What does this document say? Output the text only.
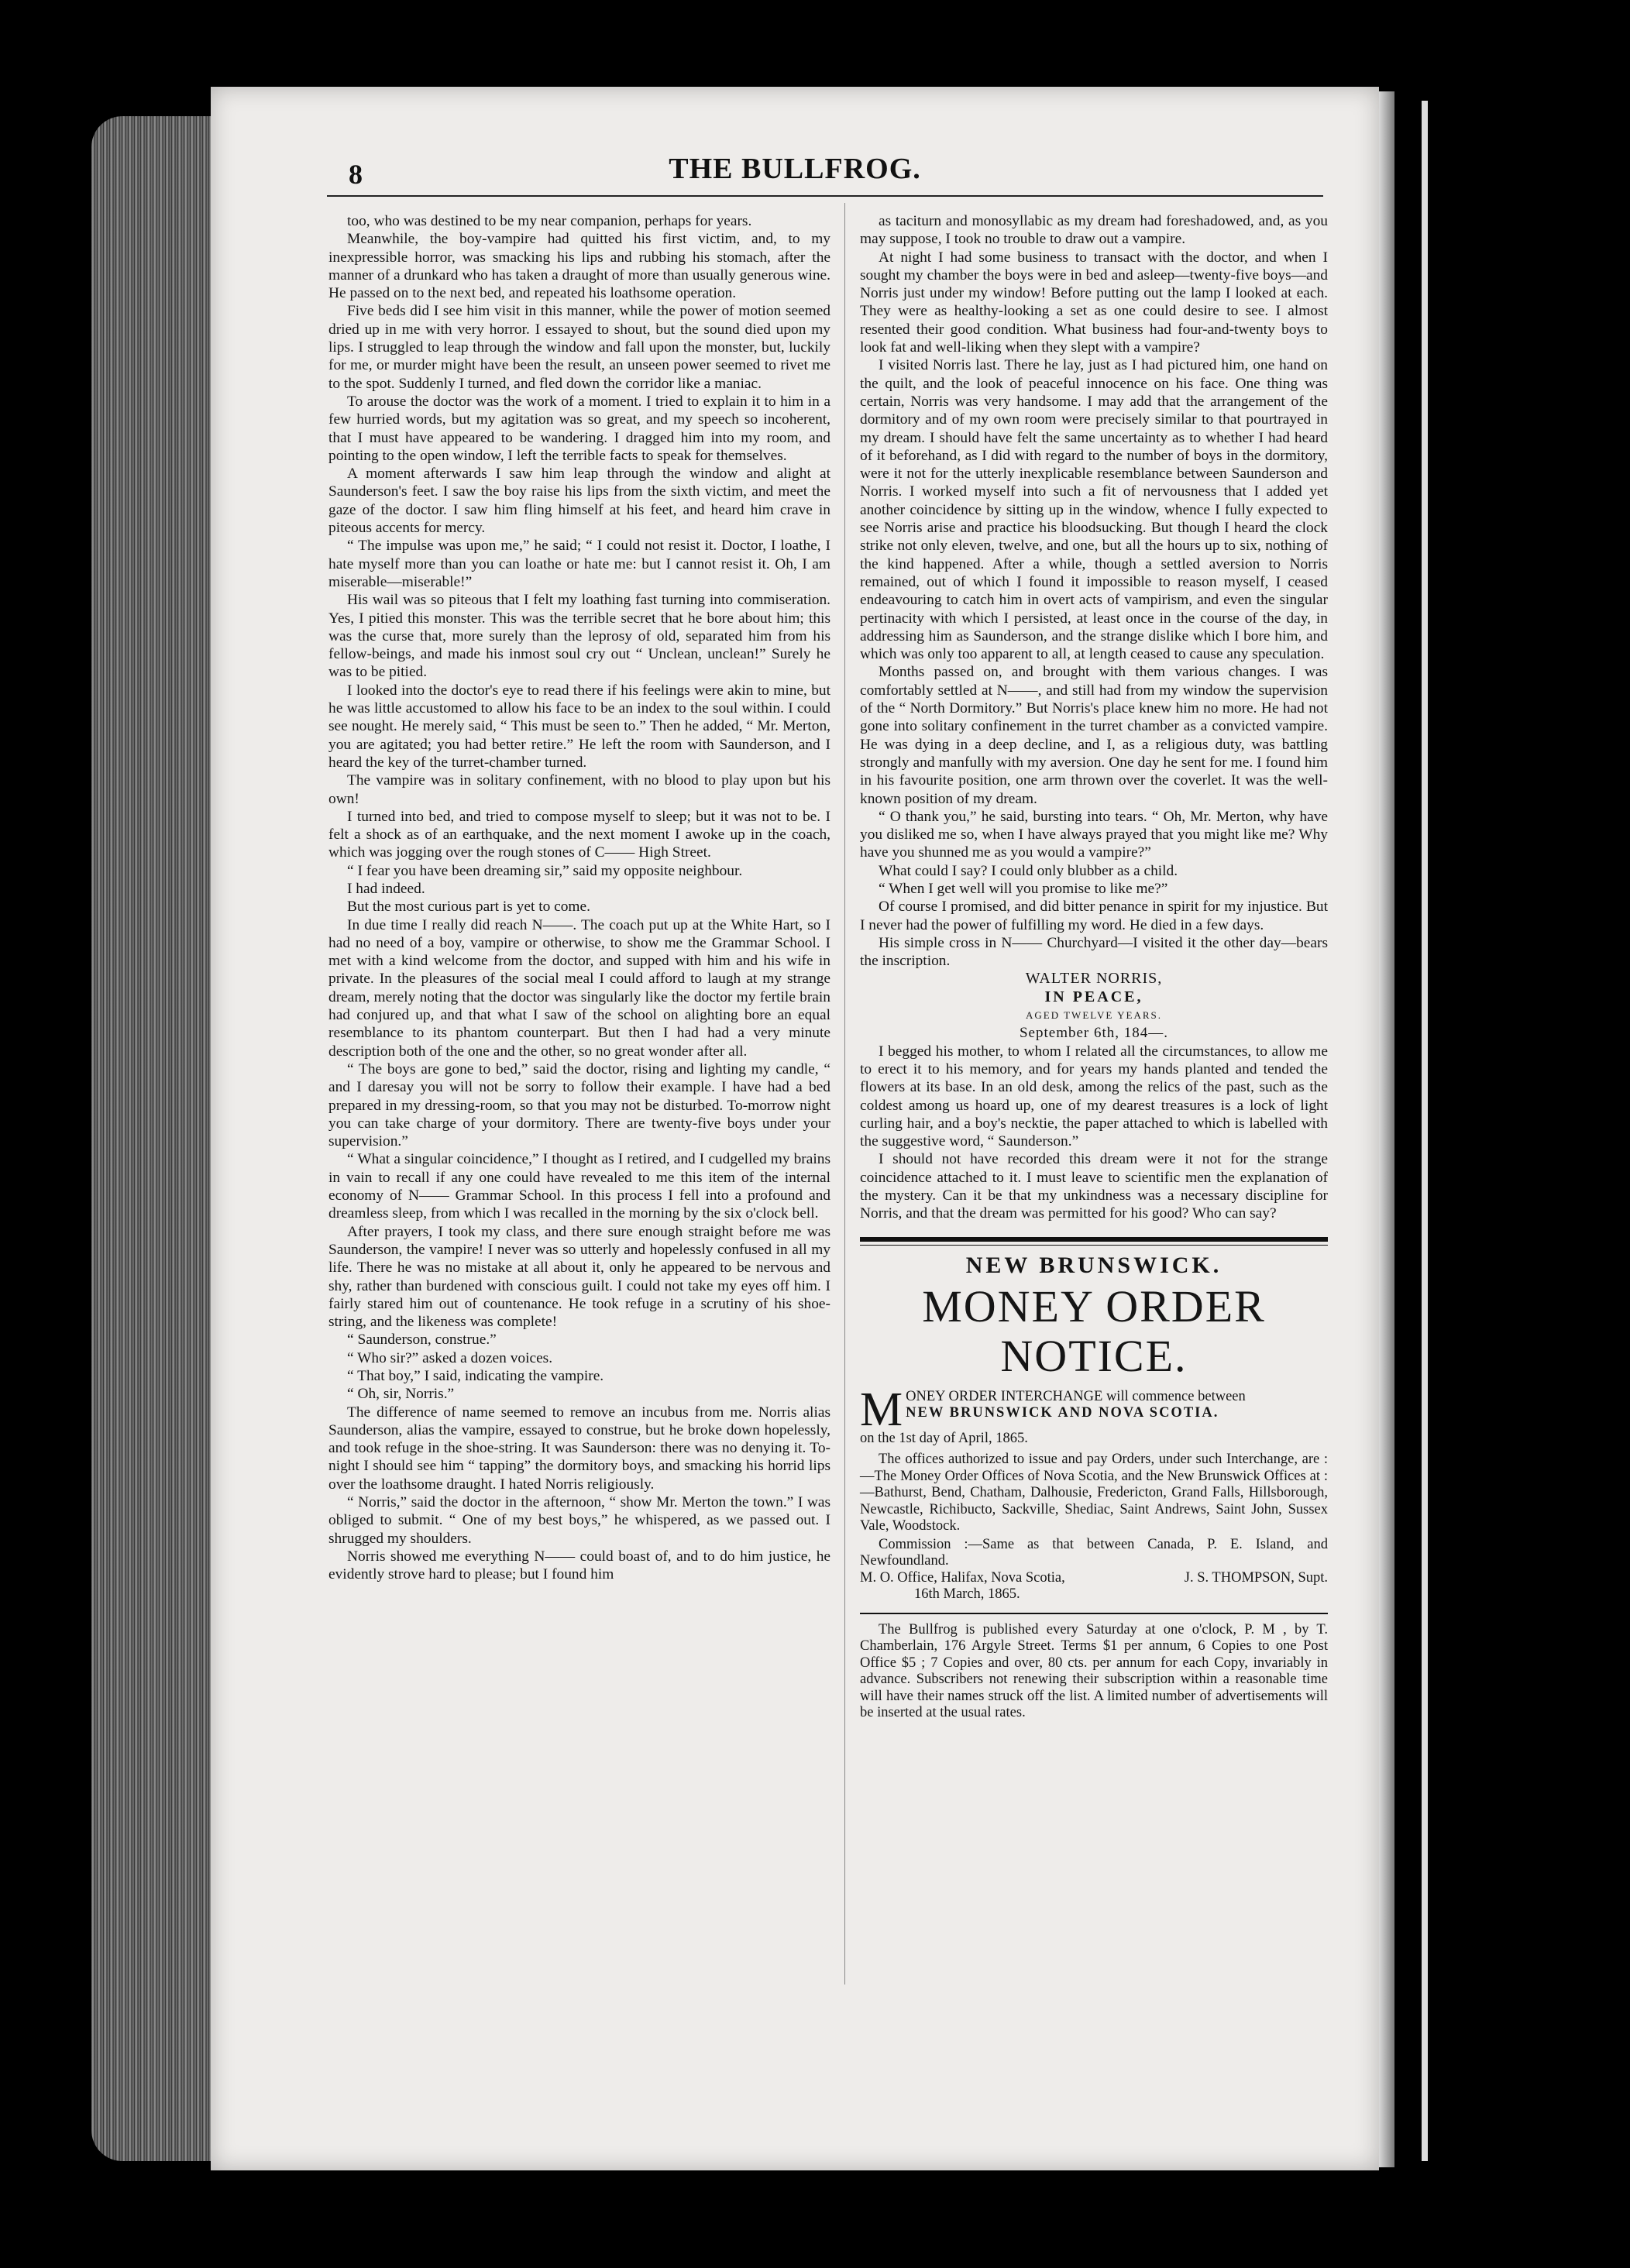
8	THE BULLFROG.

too, who was destined to be my near companion, perhaps for years.

Meanwhile, the boy-vampire had quitted his first victim, and, to my inexpressible horror, was smacking his lips and rubbing his stomach, after the manner of a drunkard who has taken a draught of more than usually generous wine. He passed on to the next bed, and repeated his loathsome operation.

Five beds did I see him visit in this manner, while the power of motion seemed dried up in me with very horror. I essayed to shout, but the sound died upon my lips. I struggled to leap through the window and fall upon the monster, but, luckily for me, or murder might have been the result, an unseen power seemed to rivet me to the spot. Suddenly I turned, and fled down the corridor like a maniac.

To arouse the doctor was the work of a moment. I tried to explain it to him in a few hurried words, but my agitation was so great, and my speech so incoherent, that I must have appeared to be wandering. I dragged him into my room, and pointing to the open window, I left the terrible facts to speak for themselves.

A moment afterwards I saw him leap through the window and alight at Saunderson's feet. I saw the boy raise his lips from the sixth victim, and meet the gaze of the doctor. I saw him fling himself at his feet, and heard him crave in piteous accents for mercy.

“ The impulse was upon me,” he said; “ I could not resist it. Doctor, I loathe, I hate myself more than you can loathe or hate me: but I cannot resist it. Oh, I am miserable—miserable!”

His wail was so piteous that I felt my loathing fast turning into commiseration. Yes, I pitied this monster. This was the terrible secret that he bore about him; this was the curse that, more surely than the leprosy of old, separated him from his fellow-beings, and made his inmost soul cry out “ Unclean, unclean!” Surely he was to be pitied.

I looked into the doctor's eye to read there if his feelings were akin to mine, but he was little accustomed to allow his face to be an index to the soul within. I could see nought. He merely said, “ This must be seen to.” Then he added, “ Mr. Merton, you are agitated; you had better retire.” He left the room with Saunderson, and I heard the key of the turret-chamber turned.

The vampire was in solitary confinement, with no blood to play upon but his own!

I turned into bed, and tried to compose myself to sleep; but it was not to be. I felt a shock as of an earthquake, and the next moment I awoke up in the coach, which was jogging over the rough stones of C—— High Street.

“ I fear you have been dreaming sir,” said my opposite neighbour.

I had indeed.

But the most curious part is yet to come.

In due time I really did reach N——. The coach put up at the White Hart, so I had no need of a boy, vampire or otherwise, to show me the Grammar School. I met with a kind welcome from the doctor, and supped with him and his wife in private. In the pleasures of the social meal I could afford to laugh at my strange dream, merely noting that the doctor was singularly like the doctor my fertile brain had conjured up, and that what I saw of the school on alighting bore an equal resemblance to its phantom counterpart. But then I had had a very minute description both of the one and the other, so no great wonder after all.

“ The boys are gone to bed,” said the doctor, rising and lighting my candle, “ and I daresay you will not be sorry to follow their example. I have had a bed prepared in my dressing-room, so that you may not be disturbed. To-morrow night you can take charge of your dormitory. There are twenty-five boys under your supervision.”

“ What a singular coincidence,” I thought as I retired, and I cudgelled my brains in vain to recall if any one could have revealed to me this item of the internal economy of N—— Grammar School. In this process I fell into a profound and dreamless sleep, from which I was recalled in the morning by the six o'clock bell.

After prayers, I took my class, and there sure enough straight before me was Saunderson, the vampire! I never was so utterly and hopelessly confused in all my life. There he was no mistake at all about it, only he appeared to be nervous and shy, rather than burdened with conscious guilt. I could not take my eyes off him. I fairly stared him out of countenance. He took refuge in a scrutiny of his shoe-string, and the likeness was complete!

“ Saunderson, construe.”

“ Who sir?” asked a dozen voices.

“ That boy,” I said, indicating the vampire.

“ Oh, sir, Norris.”

The difference of name seemed to remove an incubus from me. Norris alias Saunderson, alias the vampire, essayed to construe, but he broke down hopelessly, and took refuge in the shoe-string. It was Saunderson: there was no denying it. To-night I should see him “ tapping” the dormitory boys, and smacking his horrid lips over the loathsome draught. I hated Norris religiously.

“ Norris,” said the doctor in the afternoon, “ show Mr. Merton the town.” I was obliged to submit. “ One of my best boys,” he whispered, as we passed out. I shrugged my shoulders.

Norris showed me everything N—— could boast of, and to do him justice, he evidently strove hard to please; but I found him

as taciturn and monosyllabic as my dream had foreshadowed, and, as you may suppose, I took no trouble to draw out a vampire.

At night I had some business to transact with the doctor, and when I sought my chamber the boys were in bed and asleep—twenty-five boys—and Norris just under my window! Before putting out the lamp I looked at each. They were as healthy-looking a set as one could desire to see. I almost resented their good condition. What business had four-and-twenty boys to look fat and well-liking when they slept with a vampire?

I visited Norris last. There he lay, just as I had pictured him, one hand on the quilt, and the look of peaceful innocence on his face. One thing was certain, Norris was very handsome. I may add that the arrangement of the dormitory and of my own room were precisely similar to that pourtrayed in my dream. I should have felt the same uncertainty as to whether I had heard of it beforehand, as I did with regard to the number of boys in the dormitory, were it not for the utterly inexplicable resemblance between Saunderson and Norris. I worked myself into such a fit of nervousness that I added yet another coincidence by sitting up in the window, whence I fully expected to see Norris arise and practice his bloodsucking. But though I heard the clock strike not only eleven, twelve, and one, but all the hours up to six, nothing of the kind happened. After a while, though a settled aversion to Norris remained, out of which I found it impossible to reason myself, I ceased endeavouring to catch him in overt acts of vampirism, and even the singular pertinacity with which I persisted, at least once in the course of the day, in addressing him as Saunderson, and the strange dislike which I bore him, and which was only too apparent to all, at length ceased to cause any speculation.

Months passed on, and brought with them various changes. I was comfortably settled at N——, and still had from my window the supervision of the “ North Dormitory.” But Norris's place knew him no more. He had not gone into solitary confinement in the turret chamber as a convicted vampire. He was dying in a deep decline, and I, as a religious duty, was battling strongly and manfully with my aversion. One day he sent for me. I found him in his favourite position, one arm thrown over the coverlet. It was the well-known position of my dream.

“ O thank you,” he said, bursting into tears. “ Oh, Mr. Merton, why have you disliked me so, when I have always prayed that you might like me? Why have you shunned me as you would a vampire?”

What could I say? I could only blubber as a child.

“ When I get well will you promise to like me?”

Of course I promised, and did bitter penance in spirit for my injustice. But I never had the power of fulfilling my word. He died in a few days.

His simple cross in N—— Churchyard—I visited it the other day—bears the inscription.

WALTER NORRIS,

IN PEACE,

AGED TWELVE YEARS.

September 6th, 184—.

I begged his mother, to whom I related all the circumstances, to allow me to erect it to his memory, and for years my hands planted and tended the flowers at its base. In an old desk, among the relics of the past, such as the coldest among us hoard up, one of my dearest treasures is a lock of light curling hair, and a boy's necktie, the paper attached to which is labelled with the suggestive word, “ Saunderson.”

I should not have recorded this dream were it not for the strange coincidence attached to it. I must leave to scientific men the explanation of the mystery. Can it be that my unkindness was a necessary discipline for Norris, and that the dream was permitted for his good? Who can say?

NEW BRUNSWICK.
MONEY ORDER NOTICE.
M ONEY ORDER INTERCHANGE will commence between
NEW BRUNSWICK AND NOVA SCOTIA.
on the 1st day of April, 1865.

The offices authorized to issue and pay Orders, under such Interchange, are :—The Money Order Offices of Nova Scotia, and the New Brunswick Offices at :—Bathurst, Bend, Chatham, Dalhousie, Fredericton, Grand Falls, Hillsborough, Newcastle, Richibucto, Sackville, Shediac, Saint Andrews, Saint John, Sussex Vale, Woodstock.

Commission :—Same as that between Canada, P. E. Island, and Newfoundland.

M. O. Office, Halifax, Nova Scotia,
16th March, 1865.
J. S. THOMPSON, Supt.

The Bullfrog is published every Saturday at one o'clock, P. M , by T. Chamberlain, 176 Argyle Street. Terms $1 per annum, 6 Copies to one Post Office $5 ; 7 Copies and over, 80 cts. per annum for each Copy, invariably in advance. Subscribers not renewing their subscription within a reasonable time will have their names struck off the list. A limited number of advertisements will be inserted at the usual rates.
